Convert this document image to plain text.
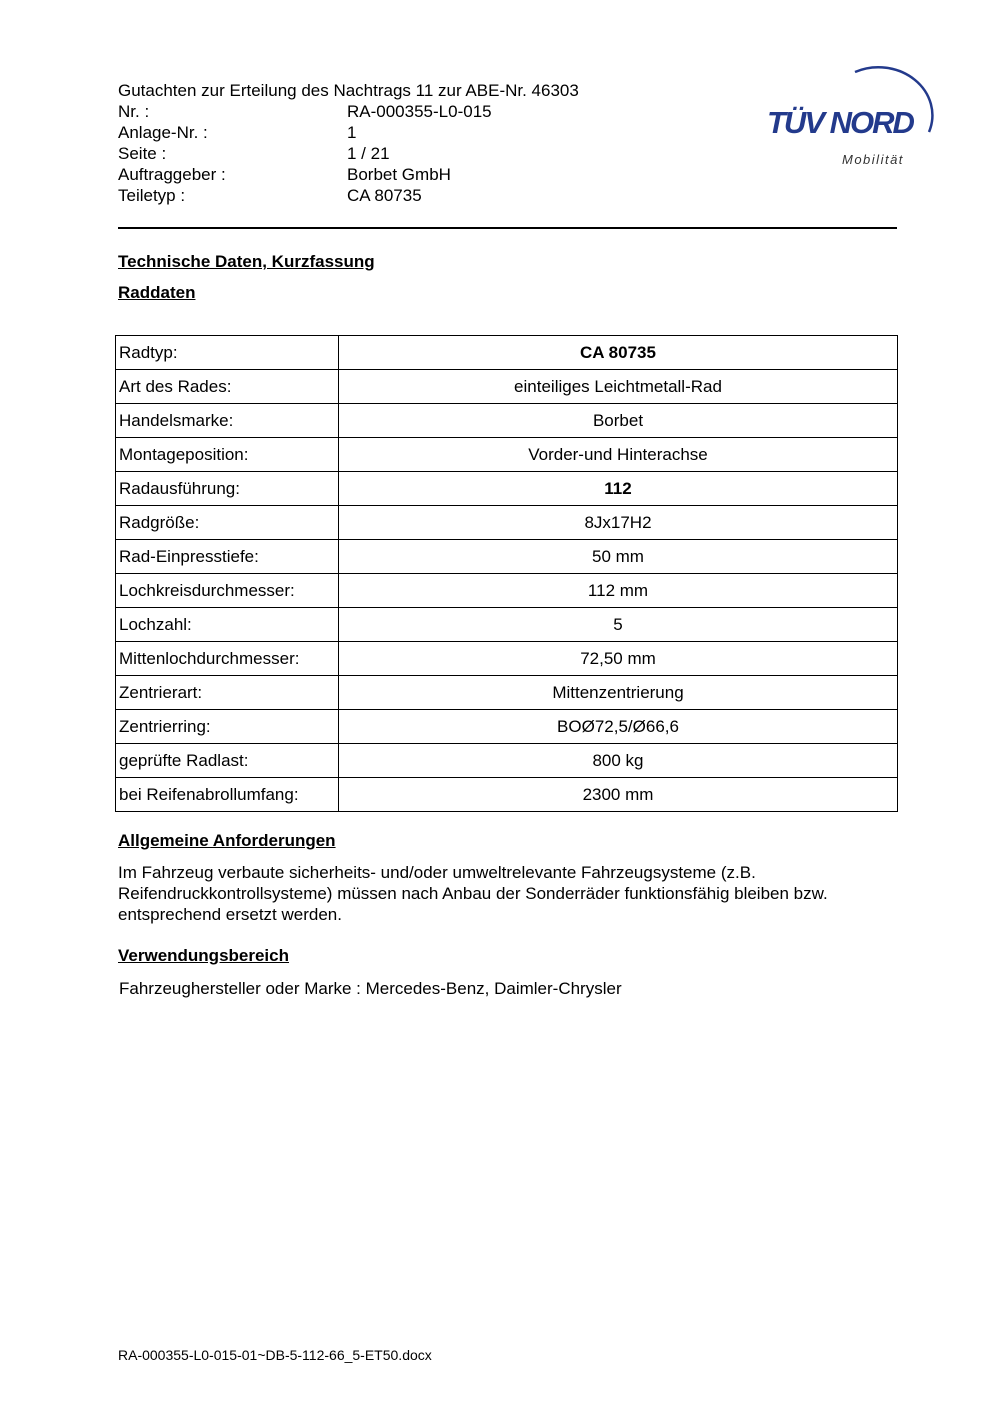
Gutachten zur Erteilung des Nachtrags 11 zur ABE-Nr. 46303
Nr. :	RA-000355-L0-015
Anlage-Nr. :	1
Seite :	1 / 21
Auftraggeber :	Borbet GmbH
Teiletyp :	CA 80735
TÜV NORD
Mobilität
Technische Daten, Kurzfassung
Raddaten
Radtyp:	CA 80735
Art des Rades:	einteiliges Leichtmetall-Rad
Handelsmarke:	Borbet
Montageposition:	Vorder-und Hinterachse
Radausführung:	112
Radgröße:	8Jx17H2
Rad-Einpresstiefe:	50 mm
Lochkreisdurchmesser:	112 mm
Lochzahl:	5
Mittenlochdurchmesser:	72,50 mm
Zentrierart:	Mittenzentrierung
Zentrierring:	BOØ72,5/Ø66,6
geprüfte Radlast:	800 kg
bei Reifenabrollumfang:	2300 mm
Allgemeine Anforderungen
Im Fahrzeug verbaute sicherheits- und/oder umweltrelevante Fahrzeugsysteme (z.B.
Reifendruckkontrollsysteme) müssen nach Anbau der Sonderräder funktionsfähig bleiben bzw.
entsprechend ersetzt werden.
Verwendungsbereich
Fahrzeughersteller oder Marke : Mercedes-Benz, Daimler-Chrysler
RA-000355-L0-015-01~DB-5-112-66_5-ET50.docx
